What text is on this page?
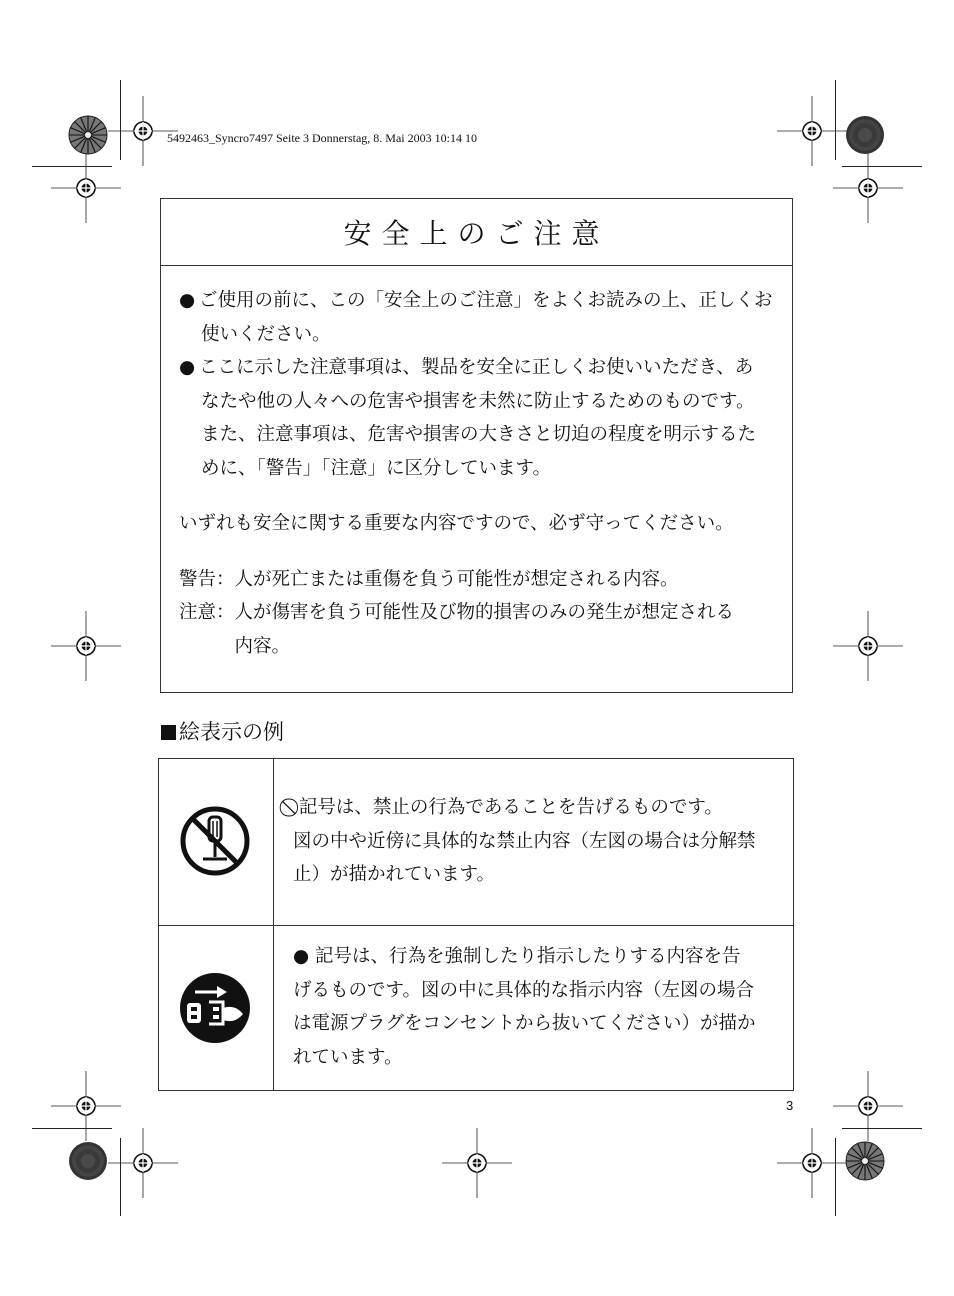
5492463_Syncro7497 Seite 3 Donnerstag, 8. Mai 2003 10:14 10
安全上のご注意
● ご使用の前に、この「安全上のご注意」をよくお読みの上、正しくお
使いください。
● ここに示した注意事項は、製品を安全に正しくお使いいただき、あ
なたや他の人々への危害や損害を未然に防止するためのものです。
また、注意事項は、危害や損害の大きさと切迫の程度を明示するた
めに、「警告」「注意」に区分しています。
いずれも安全に関する重要な内容ですので、必ず守ってください。
警告： 人が死亡または重傷を負う可能性が想定される内容。
注意： 人が傷害を負う可能性及び物的損害のみの発生が想定される
内容。
絵表示の例
記号は、禁止の行為であることを告げるものです。
図の中や近傍に具体的な禁止内容（左図の場合は分解禁
止）が描かれています。
● 記号は、行為を強制したり指示したりする内容を告
げるものです。図の中に具体的な指示内容（左図の場合
は電源プラグをコンセントから抜いてください）が描か
れています。
3
